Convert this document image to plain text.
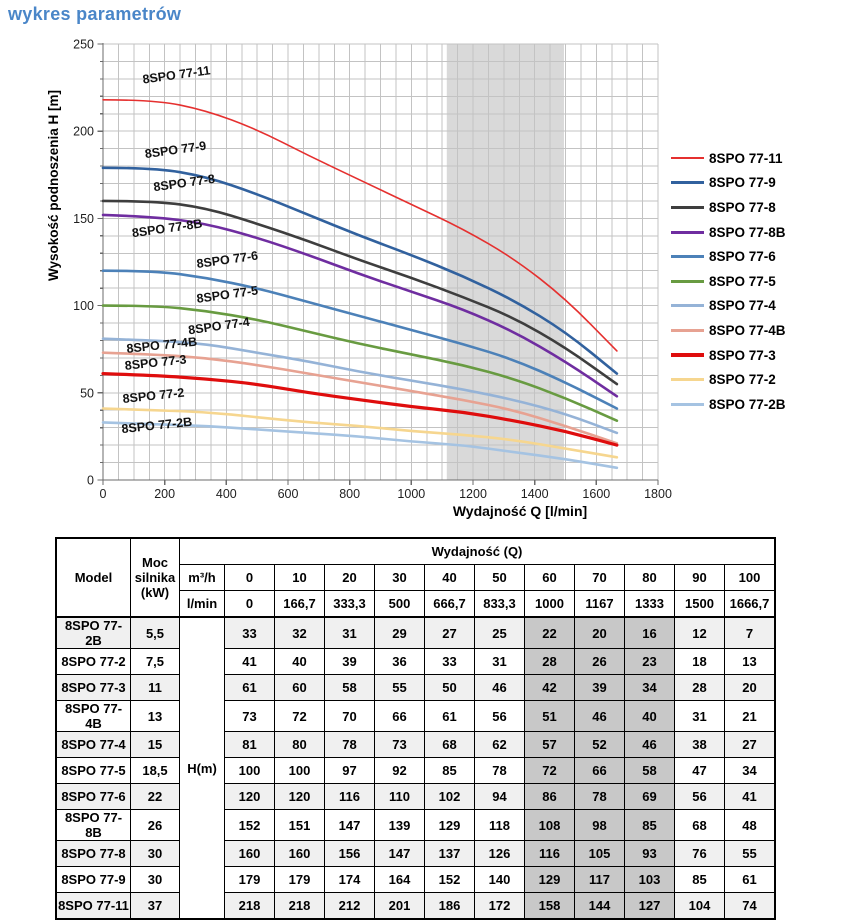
wykres parametrów
0	200	400	600	800	1000	1200	1400	1600	1800
0
50
100
150
200
250
8SPO 77-11
8SPO 77-9
8SPO 77-8
8SPO 77-8B
8SPO 77-6
8SPO 77-5
8SPO 77-4
8SPO 77-4B
8SPO 77-3
8SPO 77-2
8SPO 77-2B
Wysokość podnoszenia H [m]
Wydajność Q [l/min]
8SPO 77-11
8SPO 77-9
8SPO 77-8
8SPO 77-8B
8SPO 77-6
8SPO 77-5
8SPO 77-4
8SPO 77-4B
8SPO 77-3
8SPO 77-2
8SPO 77-2B
Model	Moc
silnika
(kW)	Wydajność (Q)											
		m³/h	0	10	20	30	40	50	60	70	80	90	100
		l/min	0	166,7	333,3	500	666,7	833,3	1000	1167	1333	1500	1666,7
8SPO 77-2B	5,5	H(m)	33	32	31	29	27	25	22	20	16	12	7
8SPO 77-2	7,5		41	40	39	36	33	31	28	26	23	18	13
8SPO 77-3	11		61	60	58	55	50	46	42	39	34	28	20
8SPO 77-4B	13		73	72	70	66	61	56	51	46	40	31	21
8SPO 77-4	15		81	80	78	73	68	62	57	52	46	38	27
8SPO 77-5	18,5		100	100	97	92	85	78	72	66	58	47	34
8SPO 77-6	22		120	120	116	110	102	94	86	78	69	56	41
8SPO 77-8B	26		152	151	147	139	129	118	108	98	85	68	48
8SPO 77-8	30		160	160	156	147	137	126	116	105	93	76	55
8SPO 77-9	30		179	179	174	164	152	140	129	117	103	85	61
8SPO 77-11	37		218	218	212	201	186	172	158	144	127	104	74
